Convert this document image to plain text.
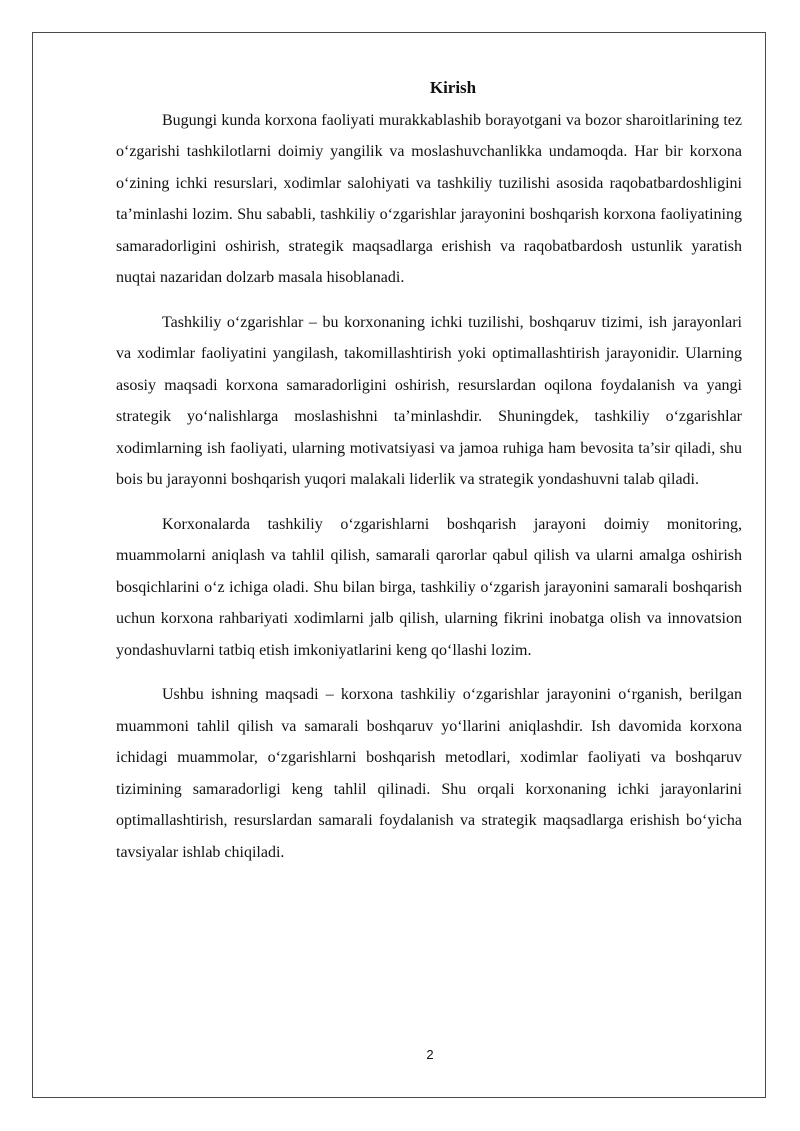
Kirish

Bugungi kunda korxona faoliyati murakkablashib borayotgani va bozor sharoitlarining tez o‘zgarishi tashkilotlarni doimiy yangilik va moslashuvchanlikka undamoqda. Har bir korxona o‘zining ichki resurslari, xodimlar salohiyati va tashkiliy tuzilishi asosida raqobatbardoshligini ta’minlashi lozim. Shu sababli, tashkiliy o‘zgarishlar jarayonini boshqarish korxona faoliyatining samaradorligini oshirish, strategik maqsadlarga erishish va raqobatbardosh ustunlik yaratish nuqtai nazaridan dolzarb masala hisoblanadi.

Tashkiliy o‘zgarishlar – bu korxonaning ichki tuzilishi, boshqaruv tizimi, ish jarayonlari va xodimlar faoliyatini yangilash, takomillashtirish yoki optimallashtirish jarayonidir. Ularning asosiy maqsadi korxona samaradorligini oshirish, resurslardan oqilona foydalanish va yangi strategik yo‘nalishlarga moslashishni ta’minlashdir. Shuningdek, tashkiliy o‘zgarishlar xodimlarning ish faoliyati, ularning motivatsiyasi va jamoa ruhiga ham bevosita ta’sir qiladi, shu bois bu jarayonni boshqarish yuqori malakali liderlik va strategik yondashuvni talab qiladi.

Korxonalarda tashkiliy o‘zgarishlarni boshqarish jarayoni doimiy monitoring, muammolarni aniqlash va tahlil qilish, samarali qarorlar qabul qilish va ularni amalga oshirish bosqichlarini o‘z ichiga oladi. Shu bilan birga, tashkiliy o‘zgarish jarayonini samarali boshqarish uchun korxona rahbariyati xodimlarni jalb qilish, ularning fikrini inobatga olish va innovatsion yondashuvlarni tatbiq etish imkoniyatlarini keng qo‘llashi lozim.

Ushbu ishning maqsadi – korxona tashkiliy o‘zgarishlar jarayonini o‘rganish, berilgan muammoni tahlil qilish va samarali boshqaruv yo‘llarini aniqlashdir. Ish davomida korxona ichidagi muammolar, o‘zgarishlarni boshqarish metodlari, xodimlar faoliyati va boshqaruv tizimining samaradorligi keng tahlil qilinadi. Shu orqali korxonaning ichki jarayonlarini optimallashtirish, resurslardan samarali foydalanish va strategik maqsadlarga erishish bo‘yicha tavsiyalar ishlab chiqiladi.

2
